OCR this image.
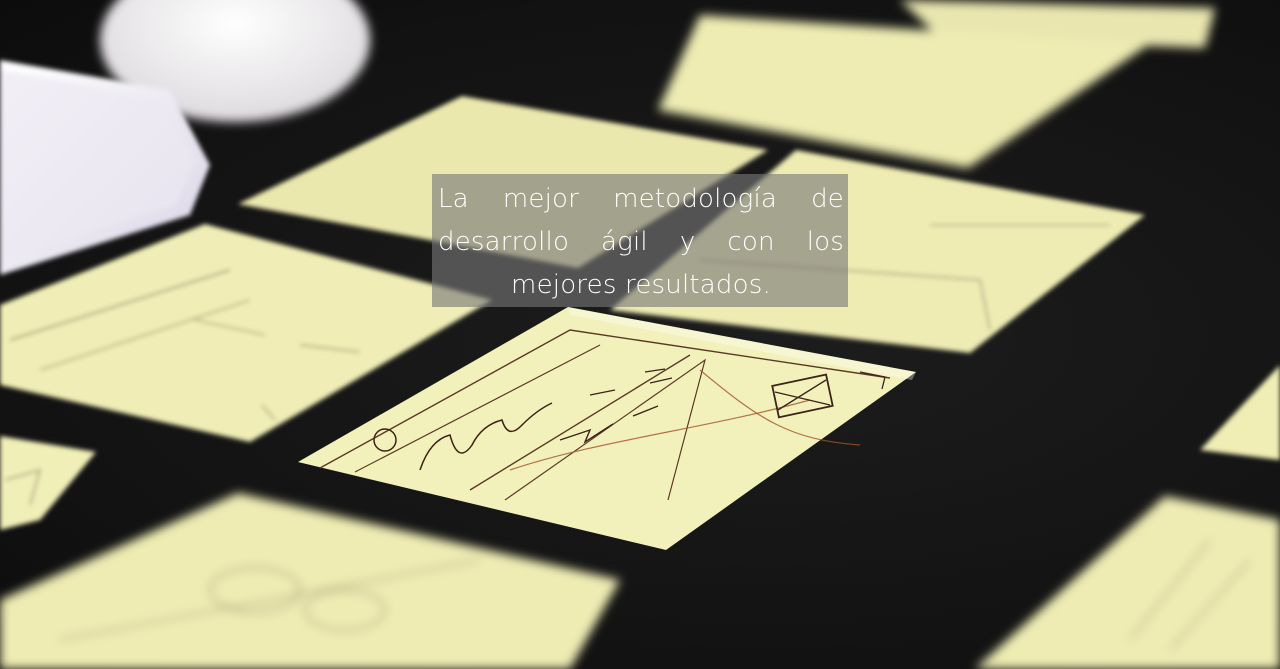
La mejor metodología de desarrollo ágil y con los mejores resultados.
